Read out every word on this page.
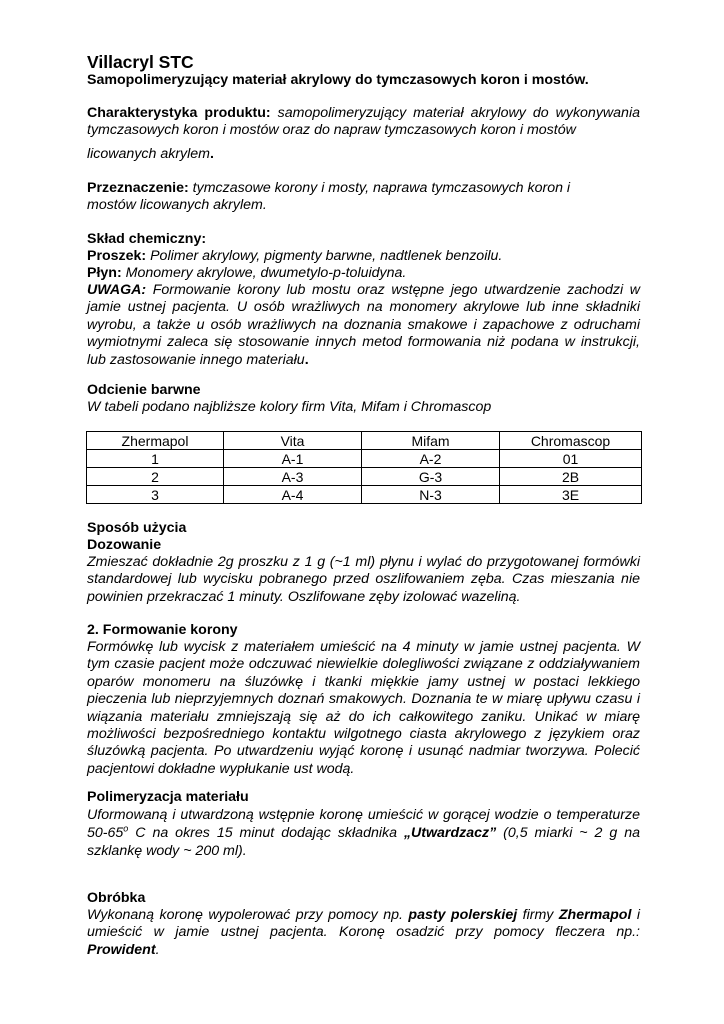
Villacryl STC
Samopolimeryzujący materiał akrylowy do tymczasowych koron i mostów.

Charakterystyka produktu: samopolimeryzujący materiał akrylowy do wykonywania tymczasowych koron i mostów oraz do napraw tymczasowych koron i mostów

licowanych akrylem.

Przeznaczenie: tymczasowe korony i mosty, naprawa tymczasowych koron i mostów licowanych akrylem.

Skład chemiczny:

Proszek: Polimer akrylowy, pigmenty barwne, nadtlenek benzoilu.

Płyn: Monomery akrylowe, dwumetylo-p-toluidyna.

UWAGA: Formowanie korony lub mostu oraz wstępne jego utwardzenie zachodzi w jamie ustnej pacjenta. U osób wrażliwych na monomery akrylowe lub inne składniki wyrobu, a także u osób wrażliwych na doznania smakowe i zapachowe z odruchami wymiotnymi zaleca się stosowanie innych metod formowania niż podana w instrukcji, lub zastosowanie innego materiału.

Odcienie barwne
W tabeli podano najbliższe kolory firm Vita, Mifam i Chromascop
Zhermapol	Vita	Mifam	Chromascop
1	A-1	A-2	01
2	A-3	G-3	2B
3	A-4	N-3	3E
Sposób użycia
Dozowanie

Zmieszać dokładnie 2g proszku z 1 g (~1 ml) płynu i wylać do przygotowanej formówki standardowej lub wycisku pobranego przed oszlifowaniem zęba. Czas mieszania nie powinien przekraczać 1 minuty. Oszlifowane zęby izolować wazeliną.

2. Formowanie korony

Formówkę lub wycisk z materiałem umieścić na 4 minuty w jamie ustnej pacjenta. W tym czasie pacjent może odczuwać niewielkie dolegliwości związane z oddziaływaniem oparów monomeru na śluzówkę i tkanki miękkie jamy ustnej w postaci lekkiego pieczenia lub nieprzyjemnych doznań smakowych. Doznania te w miarę upływu czasu i wiązania materiału zmniejszają się aż do ich całkowitego zaniku. Unikać w miarę możliwości bezpośredniego kontaktu wilgotnego ciasta akrylowego z językiem oraz śluzówką pacjenta. Po utwardzeniu wyjąć koronę i usunąć nadmiar tworzywa. Polecić pacjentowi dokładne wypłukanie ust wodą.

Polimeryzacja materiału

Uformowaną i utwardzoną wstępnie koronę umieścić w gorącej wodzie o temperaturze 50-65$^o$ C na okres 15 minut dodając składnika „Utwardzacz” (0,5 miarki ~ 2 g na szklankę wody ~ 200 ml).

Obróbka

Wykonaną koronę wypolerować przy pomocy np. pasty polerskiej firmy Zhermapol i umieścić w jamie ustnej pacjenta. Koronę osadzić przy pomocy fleczera np.: Prowident.
